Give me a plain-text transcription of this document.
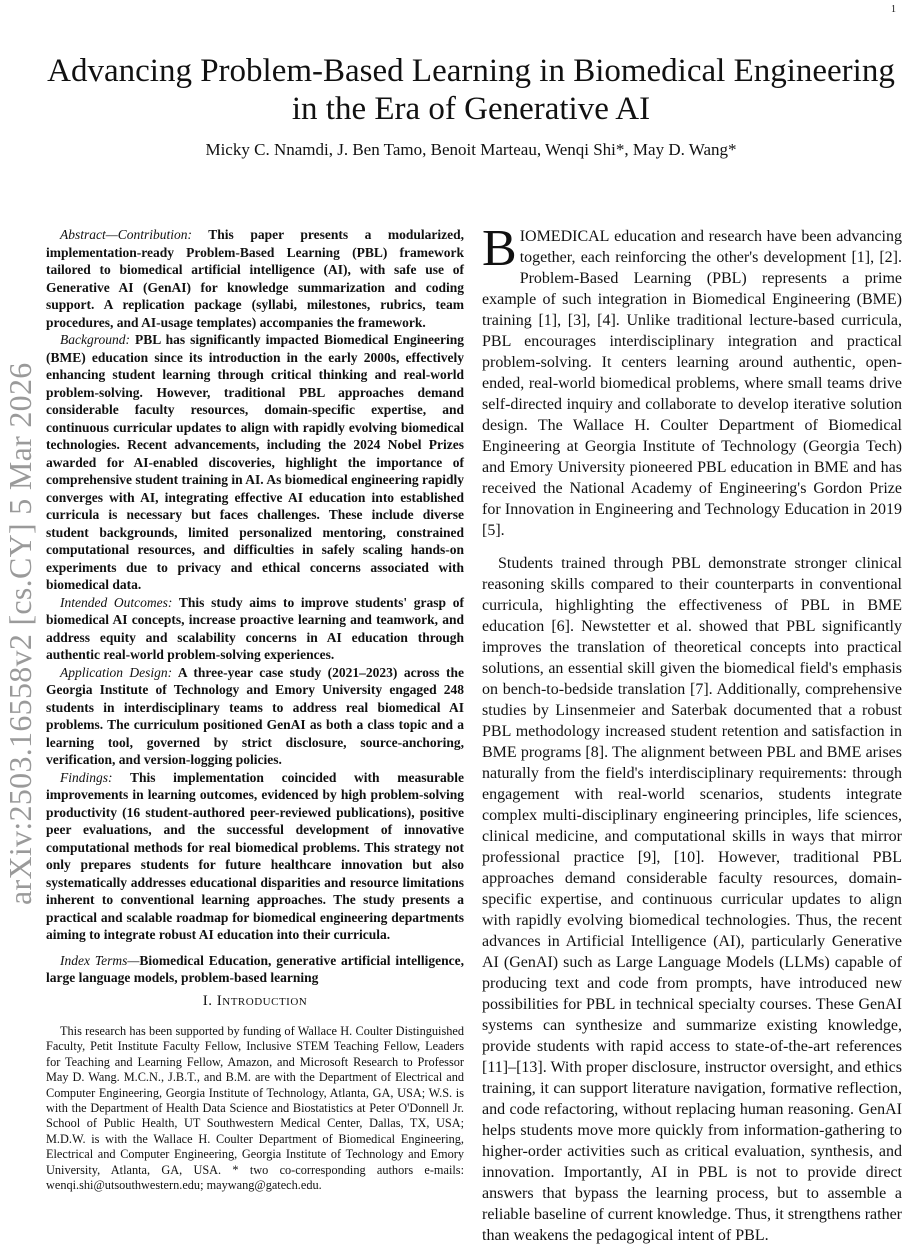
1
arXiv:2503.16558v2 [cs.CY] 5 Mar 2026
Advancing Problem-Based Learning in Biomedical Engineering in the Era of Generative AI
Micky C. Nnamdi, J. Ben Tamo, Benoit Marteau, Wenqi Shi*, May D. Wang*

Abstract—Contribution: This paper presents a modularized, implementation-ready Problem-Based Learning (PBL) framework tailored to biomedical artificial intelligence (AI), with safe use of Generative AI (GenAI) for knowledge summarization and coding support. A replication package (syllabi, milestones, rubrics, team procedures, and AI-usage templates) accompanies the framework.

Background: PBL has significantly impacted Biomedical Engineering (BME) education since its introduction in the early 2000s, effectively enhancing student learning through critical thinking and real-world problem-solving. However, traditional PBL approaches demand considerable faculty resources, domain-specific expertise, and continuous curricular updates to align with rapidly evolving biomedical technologies. Recent advancements, including the 2024 Nobel Prizes awarded for AI-enabled discoveries, highlight the importance of comprehensive student training in AI. As biomedical engineering rapidly converges with AI, integrating effective AI education into established curricula is necessary but faces challenges. These include diverse student backgrounds, limited personalized mentoring, constrained computational resources, and difficulties in safely scaling hands-on experiments due to privacy and ethical concerns associated with biomedical data.

Intended Outcomes: This study aims to improve students' grasp of biomedical AI concepts, increase proactive learning and teamwork, and address equity and scalability concerns in AI education through authentic real-world problem-solving experiences.

Application Design: A three-year case study (2021–2023) across the Georgia Institute of Technology and Emory University engaged 248 students in interdisciplinary teams to address real biomedical AI problems. The curriculum positioned GenAI as both a class topic and a learning tool, governed by strict disclosure, source-anchoring, verification, and version-logging policies.

Findings: This implementation coincided with measurable improvements in learning outcomes, evidenced by high problem-solving productivity (16 student-authored peer-reviewed publications), positive peer evaluations, and the successful development of innovative computational methods for real biomedical problems. This strategy not only prepares students for future healthcare innovation but also systematically addresses educational disparities and resource limitations inherent to conventional learning approaches. The study presents a practical and scalable roadmap for biomedical engineering departments aiming to integrate robust AI education into their curricula.

Index Terms—Biomedical Education, generative artificial intelligence, large language models, problem-based learning
I. Introduction
This research has been supported by funding of Wallace H. Coulter Distinguished Faculty, Petit Institute Faculty Fellow, Inclusive STEM Teaching Fellow, Leaders for Teaching and Learning Fellow, Amazon, and Microsoft Research to Professor May D. Wang. M.C.N., J.B.T., and B.M. are with the Department of Electrical and Computer Engineering, Georgia Institute of Technology, Atlanta, GA, USA; W.S. is with the Department of Health Data Science and Biostatistics at Peter O'Donnell Jr. School of Public Health, UT Southwestern Medical Center, Dallas, TX, USA; M.D.W. is with the Wallace H. Coulter Department of Biomedical Engineering, Electrical and Computer Engineering, Georgia Institute of Technology and Emory University, Atlanta, GA, USA. * two co-corresponding authors e-mails: wenqi.shi@utsouthwestern.edu; maywang@gatech.edu.

BIOMEDICAL education and research have been advancing together, each reinforcing the other's development [1], [2]. Problem-Based Learning (PBL) represents a prime example of such integration in Biomedical Engineering (BME) training [1], [3], [4]. Unlike traditional lecture-based curricula, PBL encourages interdisciplinary integration and practical problem-solving. It centers learning around authentic, open-ended, real-world biomedical problems, where small teams drive self-directed inquiry and collaborate to develop iterative solution design. The Wallace H. Coulter Department of Biomedical Engineering at Georgia Institute of Technology (Georgia Tech) and Emory University pioneered PBL education in BME and has received the National Academy of Engineering's Gordon Prize for Innovation in Engineering and Technology Education in 2019 [5].

Students trained through PBL demonstrate stronger clinical reasoning skills compared to their counterparts in conventional curricula, highlighting the effectiveness of PBL in BME education [6]. Newstetter et al. showed that PBL significantly improves the translation of theoretical concepts into practical solutions, an essential skill given the biomedical field's emphasis on bench-to-bedside translation [7]. Additionally, comprehensive studies by Linsenmeier and Saterbak documented that a robust PBL methodology increased student retention and satisfaction in BME programs [8]. The alignment between PBL and BME arises naturally from the field's interdisciplinary requirements: through engagement with real-world scenarios, students integrate complex multi-disciplinary engineering principles, life sciences, clinical medicine, and computational skills in ways that mirror professional practice [9], [10]. However, traditional PBL approaches demand considerable faculty resources, domain-specific expertise, and continuous curricular updates to align with rapidly evolving biomedical technologies. Thus, the recent advances in Artificial Intelligence (AI), particularly Generative AI (GenAI) such as Large Language Models (LLMs) capable of producing text and code from prompts, have introduced new possibilities for PBL in technical specialty courses. These GenAI systems can synthesize and summarize existing knowledge, provide students with rapid access to state-of-the-art references [11]–[13]. With proper disclosure, instructor oversight, and ethics training, it can support literature navigation, formative reflection, and code refactoring, without replacing human reasoning. GenAI helps students move more quickly from information-gathering to higher-order activities such as critical evaluation, synthesis, and innovation. Importantly, AI in PBL is not to provide direct answers that bypass the learning process, but to assemble a reliable baseline of current knowledge. Thus, it strengthens rather than weakens the pedagogical intent of PBL.
